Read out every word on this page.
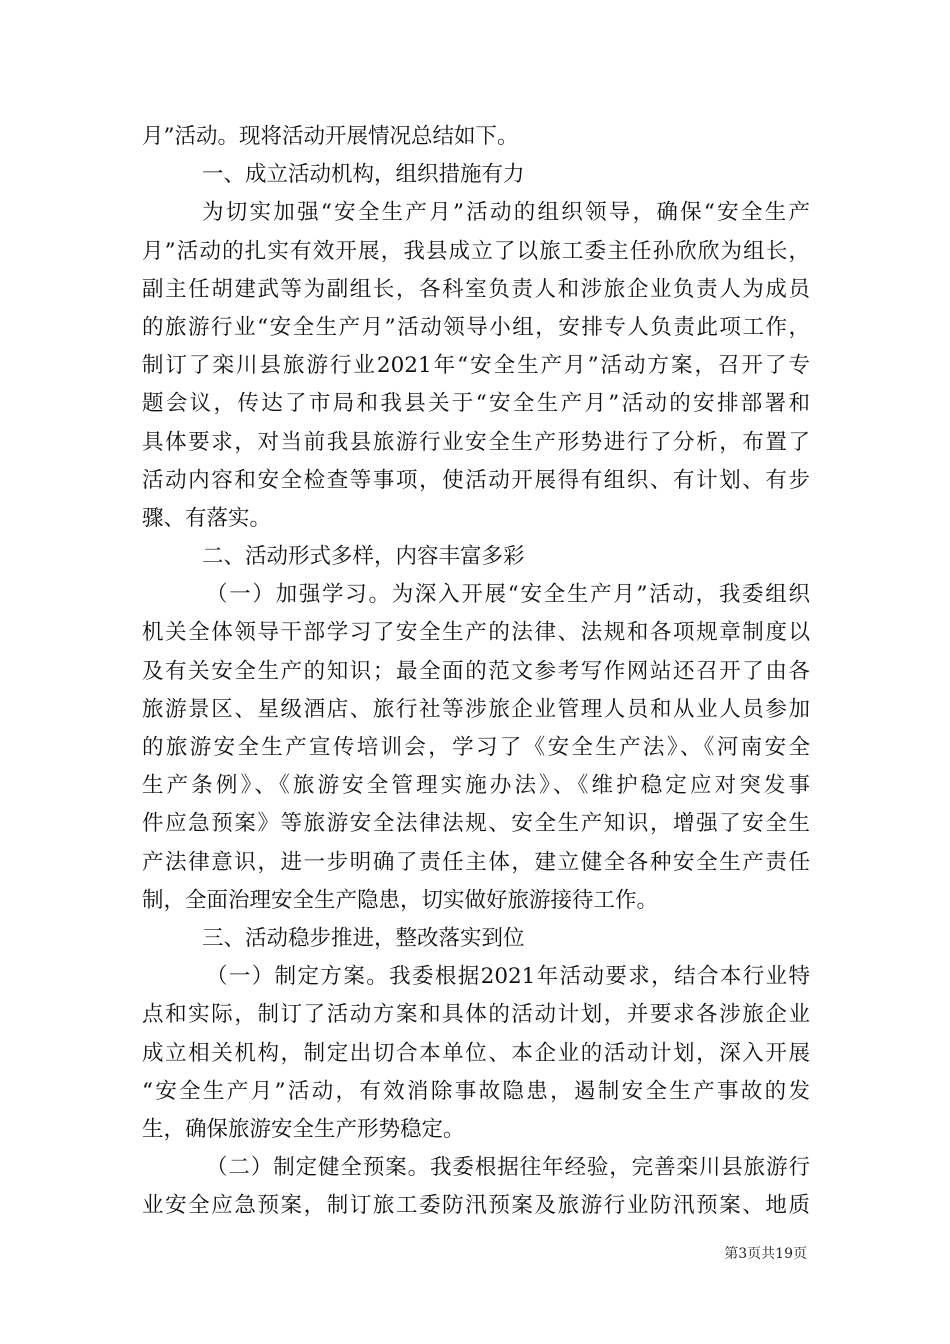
月”活动。现将活动开展情况总结如下。
一、成立活动机构，组织措施有力
为切实加强“安全生产月”活动的组织领导，确保“安全生产
月”活动的扎实有效开展，我县成立了以旅工委主任孙欣欣为组长，
副主任胡建武等为副组长，各科室负责人和涉旅企业负责人为成员
的旅游行业“安全生产月”活动领导小组，安排专人负责此项工作，
制订了栾川县旅游行业2021年“安全生产月”活动方案，召开了专
题会议，传达了市局和我县关于“安全生产月”活动的安排部署和
具体要求，对当前我县旅游行业安全生产形势进行了分析，布置了
活动内容和安全检查等事项，使活动开展得有组织、有计划、有步
骤、有落实。
二、活动形式多样，内容丰富多彩
（一）加强学习。为深入开展“安全生产月”活动，我委组织
机关全体领导干部学习了安全生产的法律、法规和各项规章制度以
及有关安全生产的知识；最全面的范文参考写作网站还召开了由各
旅游景区、星级酒店、旅行社等涉旅企业管理人员和从业人员参加
的旅游安全生产宣传培训会，学习了《安全生产法》、《河南安全
生产条例》、《旅游安全管理实施办法》、《维护稳定应对突发事
件应急预案》等旅游安全法律法规、安全生产知识，增强了安全生
产法律意识，进一步明确了责任主体，建立健全各种安全生产责任
制，全面治理安全生产隐患，切实做好旅游接待工作。
三、活动稳步推进，整改落实到位
（一）制定方案。我委根据2021年活动要求，结合本行业特
点和实际，制订了活动方案和具体的活动计划，并要求各涉旅企业
成立相关机构，制定出切合本单位、本企业的活动计划，深入开展
“安全生产月”活动，有效消除事故隐患，遏制安全生产事故的发
生，确保旅游安全生产形势稳定。
（二）制定健全预案。我委根据往年经验，完善栾川县旅游行
业安全应急预案，制订旅工委防汛预案及旅游行业防汛预案、地质
第3页共19页
